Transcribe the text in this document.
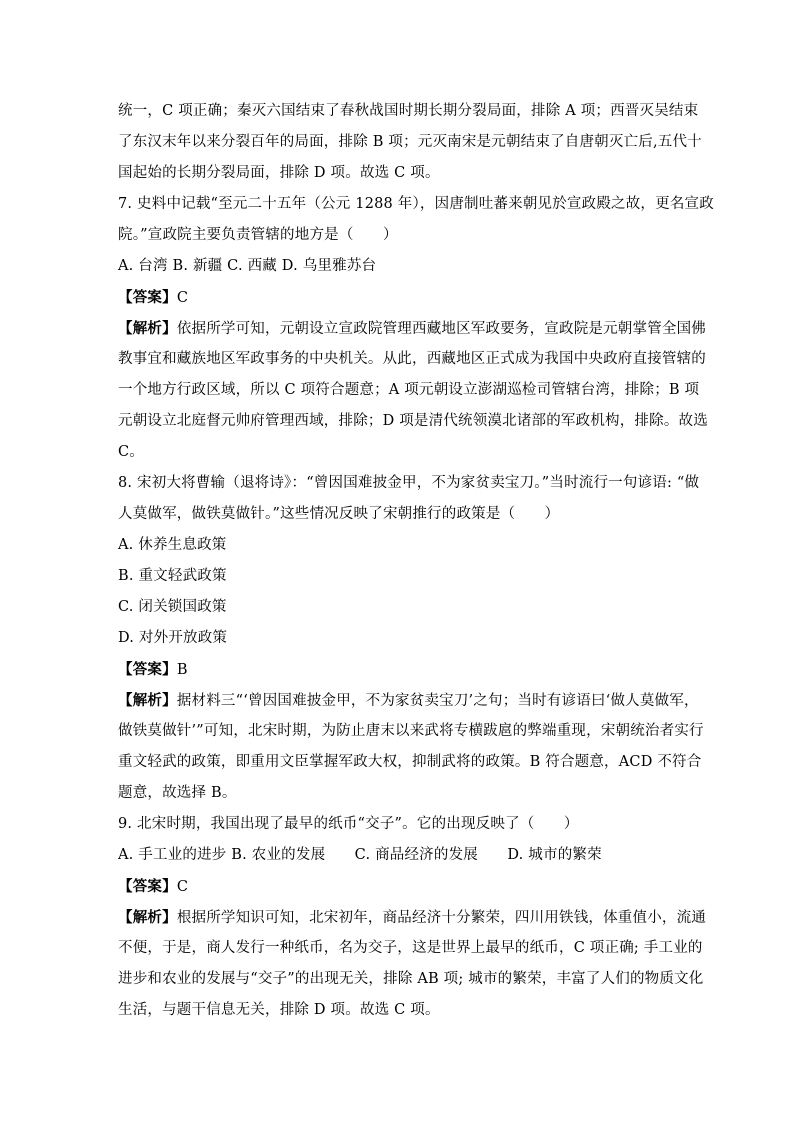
统一，C 项正确；秦灭六国结束了春秋战国时期长期分裂局面，排除 A 项；西晋灭吴结束
了东汉末年以来分裂百年的局面，排除 B 项；元灭南宋是元朝结束了自唐朝灭亡后,五代十
国起始的长期分裂局面，排除 D 项。故选 C 项。
7. 史料中记载“至元二十五年（公元 1288 年），因唐制吐蕃来朝见於宣政殿之故，更名宣政
院。”宣政院主要负责管辖的地方是（　　）
A. 台湾 B. 新疆 C. 西藏 D. 乌里雅苏台
【答案】C
【解析】依据所学可知，元朝设立宣政院管理西藏地区军政要务，宣政院是元朝掌管全国佛
教事宜和藏族地区军政事务的中央机关。从此，西藏地区正式成为我国中央政府直接管辖的
一个地方行政区域，所以 C 项符合题意；A 项元朝设立澎湖巡检司管辖台湾，排除；B 项
元朝设立北庭督元帅府管理西域，排除；D 项是清代统领漠北诸部的军政机构，排除。故选
C。
8. 宋初大将曹输（退将诗》：“曾因国难披金甲，不为家贫卖宝刀。”当时流行一句谚语: “做
人莫做军，做铁莫做针。”这些情况反映了宋朝推行的政策是（　　）
A. 休养生息政策
B. 重文轻武政策
C. 闭关锁国政策
D. 对外开放政策
【答案】B
【解析】据材料三“‘曾因国难披金甲，不为家贫卖宝刀’之句；当时有谚语曰‘做人莫做军，
做铁莫做针’”可知，北宋时期，为防止唐末以来武将专横跋扈的弊端重现，宋朝统治者实行
重文轻武的政策，即重用文臣掌握军政大权，抑制武将的政策。B 符合题意，ACD 不符合
题意，故选择 B。
9. 北宋时期，我国出现了最早的纸币“交子”。它的出现反映了（　　）
A. 手工业的进步 B. 农业的发展　　C. 商品经济的发展　　D. 城市的繁荣
【答案】C
【解析】根据所学知识可知，北宋初年，商品经济十分繁荣，四川用铁钱，体重值小，流通
不便，于是，商人发行一种纸币，名为交子，这是世界上最早的纸币，C 项正确; 手工业的
进步和农业的发展与“交子”的出现无关，排除 AB 项; 城市的繁荣，丰富了人们的物质文化
生活，与题干信息无关，排除 D 项。故选 C 项。
